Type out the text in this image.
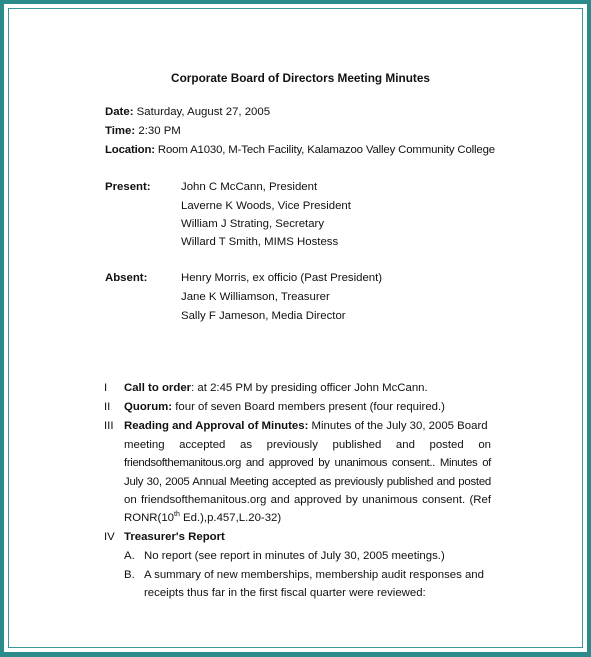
Corporate Board of Directors Meeting Minutes
Date: Saturday, August 27, 2005
Time: 2:30 PM
Location: Room A1030, M-Tech Facility, Kalamazoo Valley Community College
Present:	John C McCann, President
Laverne K Woods, Vice President
William J Strating, Secretary
Willard T Smith, MIMS Hostess
Absent:	Henry Morris, ex officio (Past President)
Jane K Williamson, Treasurer
Sally F Jameson, Media Director
I Call to order: at 2:45 PM by presiding officer John McCann.
II Quorum: four of seven Board members present (four required.)
III Reading and Approval of Minutes: Minutes of the July 30, 2005 Board
meeting accepted as previously published and posted on
friendsofthemanitous.org and approved by unanimous consent.. Minutes of
July 30, 2005 Annual Meeting accepted as previously published and posted
on friendsofthemanitous.org and approved by unanimous consent. (Ref
RONR(10th Ed.),p.457,L.20-32)
IV Treasurer's Report
A. No report (see report in minutes of July 30, 2005 meetings.)
B. A summary of new memberships, membership audit responses and
receipts thus far in the first fiscal quarter were reviewed:
